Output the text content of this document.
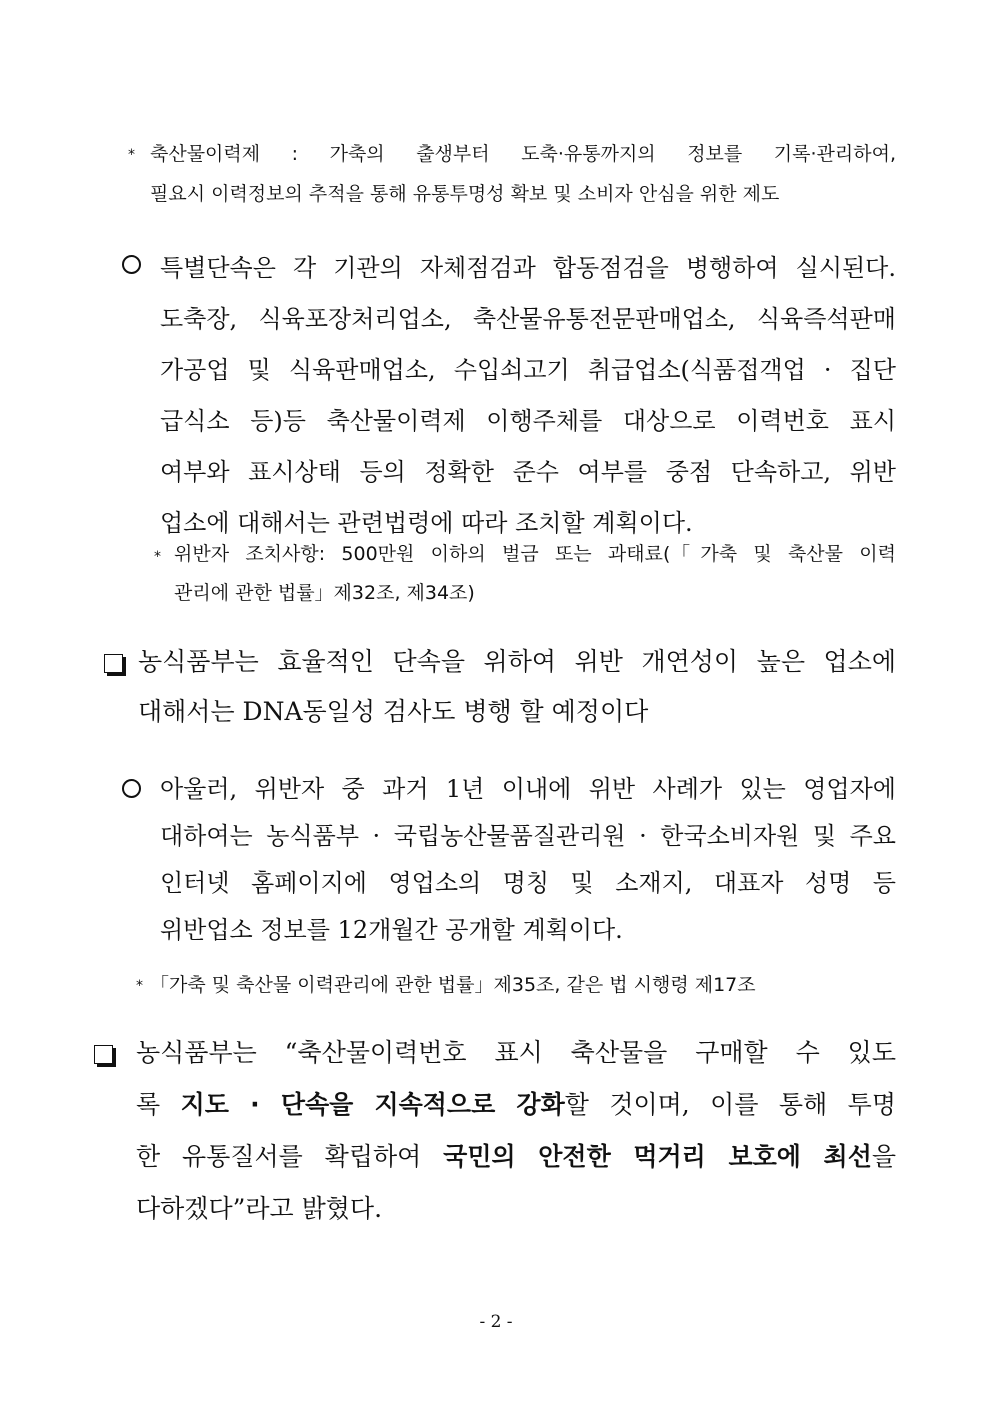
* 축산물이력제 : 가축의 출생부터 도축·유통까지의 정보를 기록·관리하여,
필요시 이력정보의 추적을 통해 유통투명성 확보 및 소비자 안심을 위한 제도
특별단속은 각 기관의 자체점검과 합동점검을 병행하여 실시된다.
도축장, 식육포장처리업소, 축산물유통전문판매업소, 식육즉석판매
가공업 및 식육판매업소, 수입쇠고기 취급업소(식품접객업 · 집단
급식소 등)등 축산물이력제 이행주체를 대상으로 이력번호 표시
여부와 표시상태 등의 정확한 준수 여부를 중점 단속하고, 위반
업소에 대해서는 관련법령에 따라 조치할 계획이다.
* 위반자 조치사항: 500만원 이하의 벌금 또는 과태료(「가축 및 축산물 이력
관리에 관한 법률」제32조, 제34조)
농식품부는 효율적인 단속을 위하여 위반 개연성이 높은 업소에
대해서는 DNA동일성 검사도 병행 할 예정이다
아울러, 위반자 중 과거 1년 이내에 위반 사례가 있는 영업자에
대하여는 농식품부 · 국립농산물품질관리원 · 한국소비자원 및 주요
인터넷 홈페이지에 영업소의 명칭 및 소재지, 대표자 성명 등
위반업소 정보를 12개월간 공개할 계획이다.
* 「가축 및 축산물 이력관리에 관한 법률」제35조, 같은 법 시행령 제17조
농식품부는 “축산물이력번호 표시 축산물을 구매할 수 있도
록 지도 · 단속을 지속적으로 강화할 것이며, 이를 통해 투명
한 유통질서를 확립하여 국민의 안전한 먹거리 보호에 최선을
다하겠다”라고 밝혔다.
- 2 -
